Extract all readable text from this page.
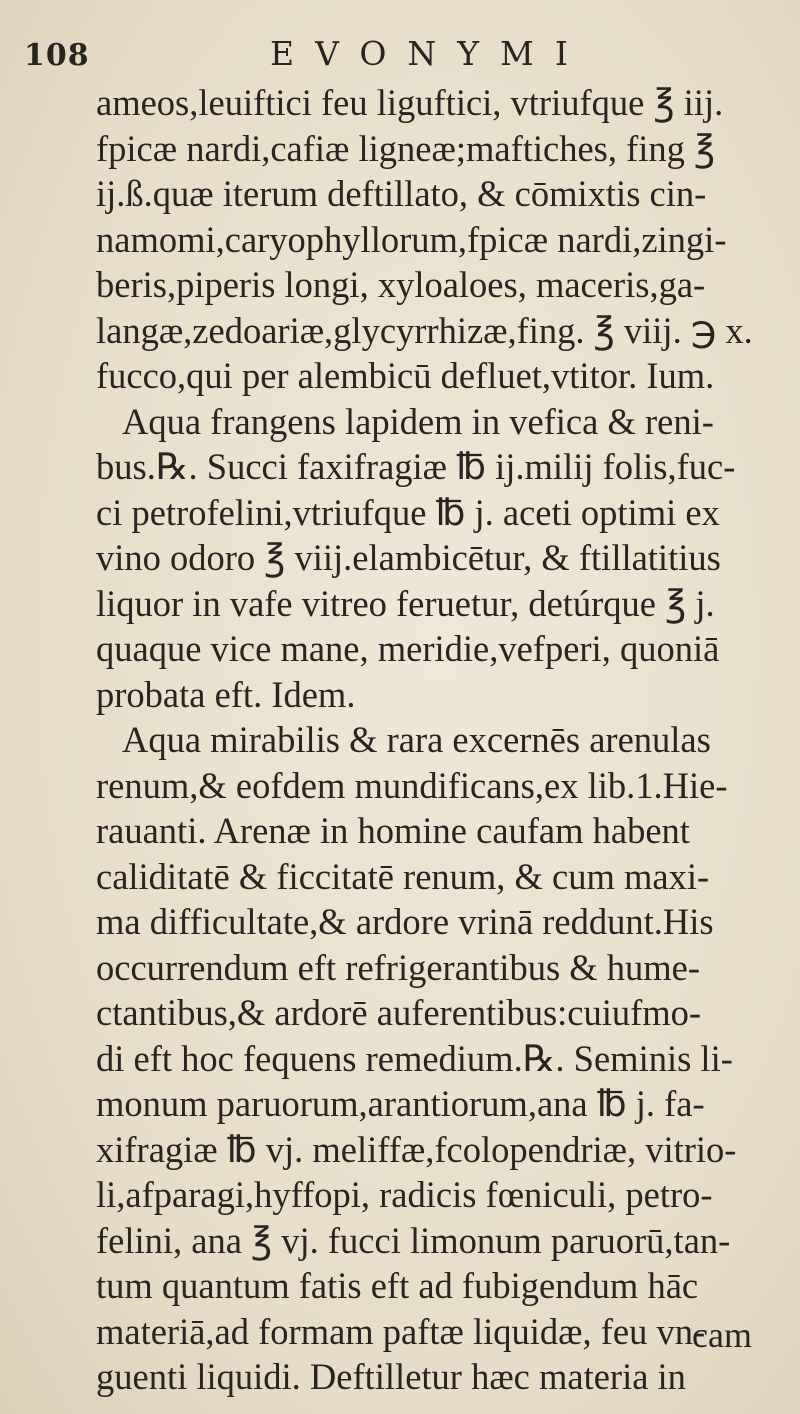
108	EVONYMI
ameos,leuiftici feu liguftici, vtriufque ℥ iij.
fpicæ nardi,cafiæ ligneæ;maftiches, fing ℥
ij.ß.quæ iterum deftillato, & cōmixtis cin-
namomi,caryophyllorum,fpicæ nardi,zingi-
beris,piperis longi, xyloaloes, maceris,ga-
langæ,zedoariæ,glycyrrhizæ,fing. ℥ viij. ℈ x.
fucco,qui per alembicū defluet,vtitor. Ium.
Aqua frangens lapidem in vefica & reni-
bus.℞. Succi faxifragiæ ℔ ij.milij folis,fuc-
ci petrofelini,vtriufque ℔ j. aceti optimi ex
vino odoro ℥ viij.elambicētur, & ftillatitius
liquor in vafe vitreo feruetur, detúrque ℥ j.
quaque vice mane, meridie,vefperi, quoniā
probata eft. Idem.
Aqua mirabilis & rara excernēs arenulas
renum,& eofdem mundificans,ex lib.1.Hie-
rauanti. Arenæ in homine caufam habent
caliditatē & ficcitatē renum, & cum maxi-
ma difficultate,& ardore vrinā reddunt.His
occurrendum eft refrigerantibus & hume-
ctantibus,& ardorē auferentibus:cuiufmo-
di eft hoc fequens remedium.℞. Seminis li-
monum paruorum,arantiorum,ana ℔ j. fa-
xifragiæ ℔ vj. meliffæ,fcolopendriæ, vitrio-
li,afparagi,hyffopi, radicis fœniculi, petro-
felini, ana ℥ vj. fucci limonum paruorū,tan-
tum quantum fatis eft ad fubigendum hāc
materiā,ad formam paftæ liquidæ, feu vn-
guenti liquidi. Deftilletur hæc materia in
cam
